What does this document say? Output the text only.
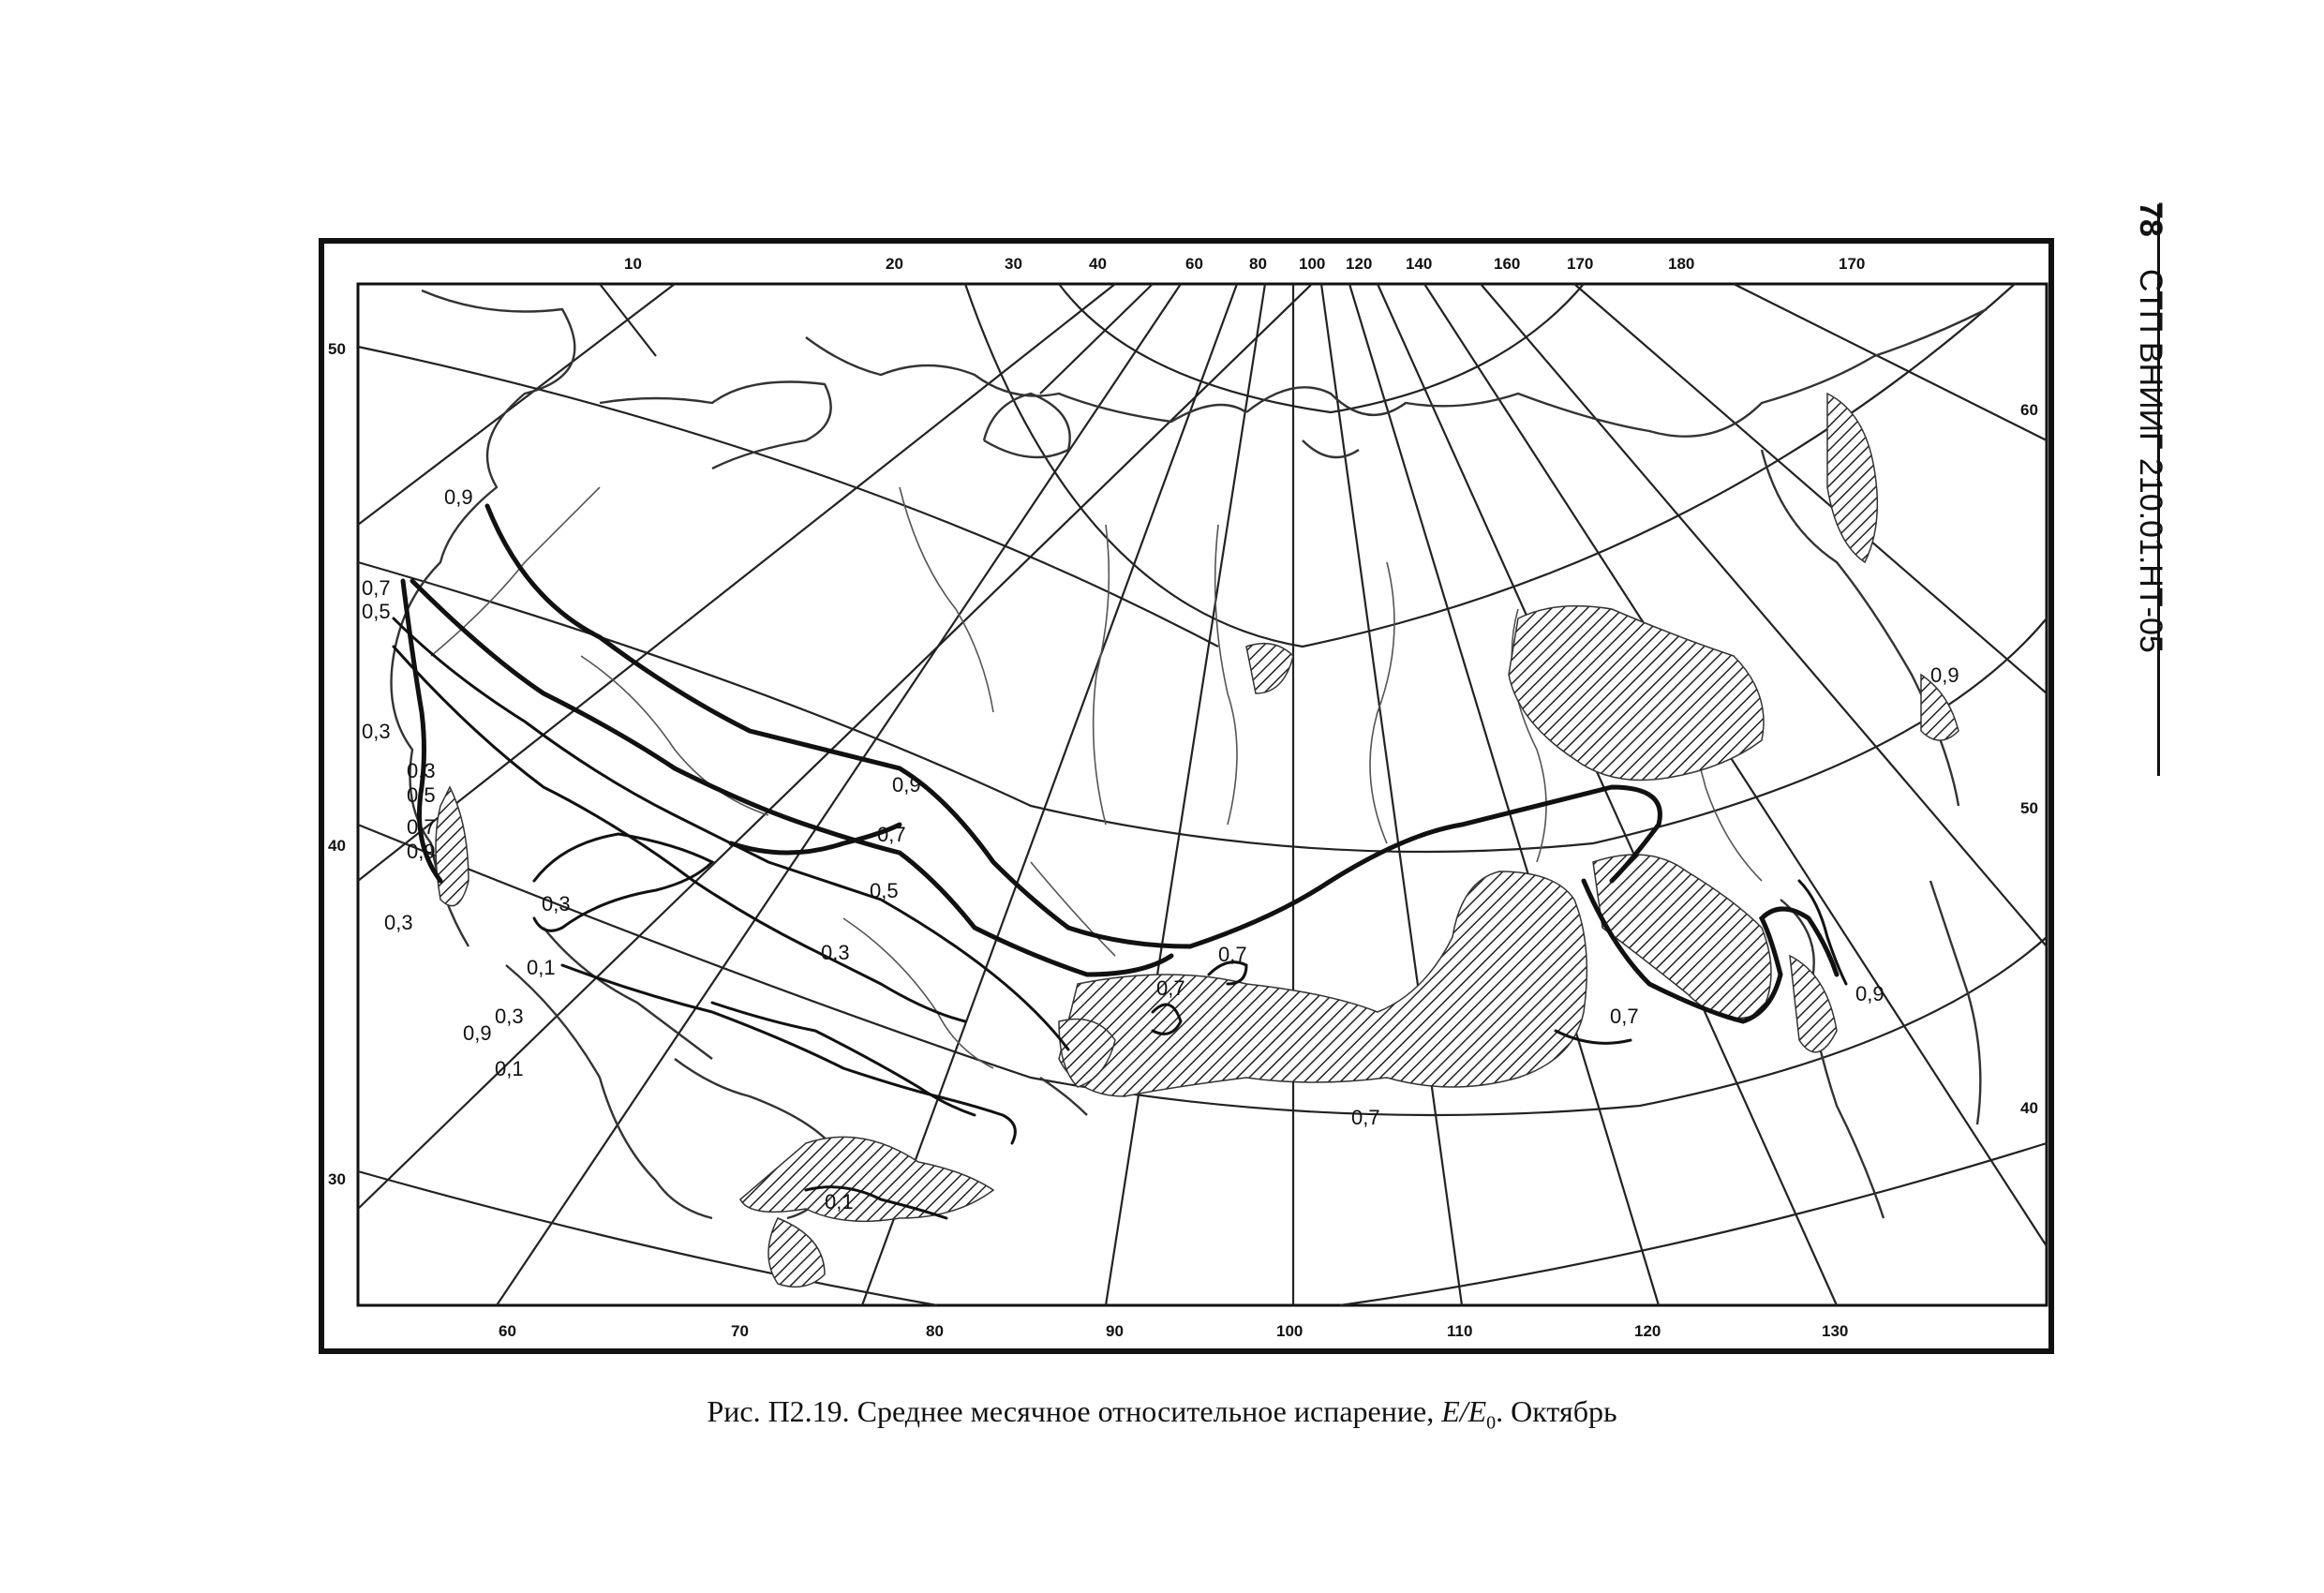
0,9
0,7
0,5
0,3
0,3
0,5
0,7
0,9
0,3
0,3
0,1
0,3
0,9
0,1
0,9
0,7
0,5
0,3	0,7
0,7
0,7
0,7
0,9
0,9
0,1
10	20	30	40	60	80 100 120 140	160	170	180	170
60	70	80	90	100	110	120	130
50
40
30
60
50
40
78СТП ВНИИГ 210.01.НТ-05
Рис. П2.19. Среднее месячное относительное испарение, $E/E_0$. Октябрь
